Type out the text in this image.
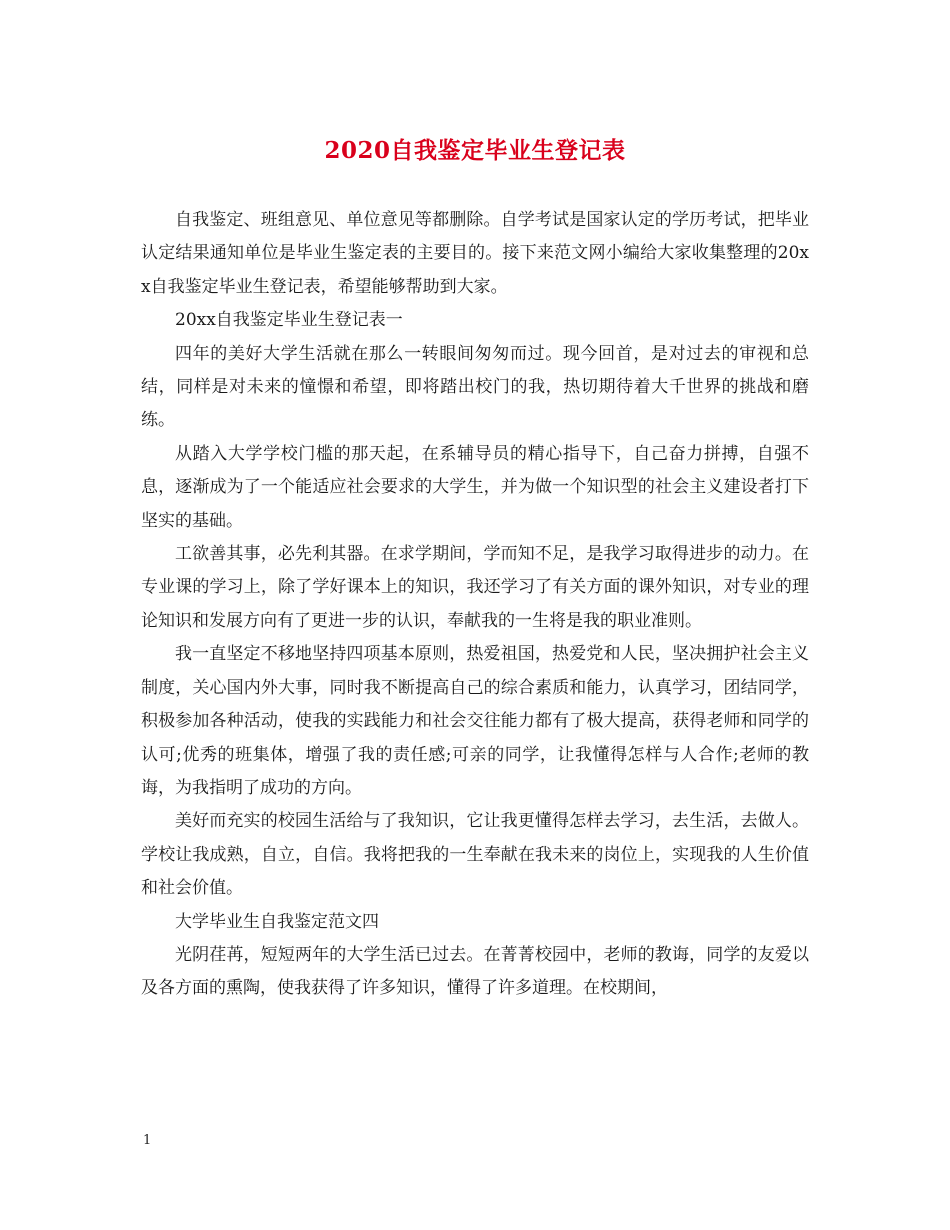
2020自我鉴定毕业生登记表

自我鉴定、班组意见、单位意见等都删除。自学考试是国家认定的学历考试，把毕业认定结果通知单位是毕业生鉴定表的主要目的。接下来范文网小编给大家收集整理的20xx自我鉴定毕业生登记表，希望能够帮助到大家。

20xx自我鉴定毕业生登记表一

四年的美好大学生活就在那么一转眼间匆匆而过。现今回首，是对过去的审视和总结，同样是对未来的憧憬和希望，即将踏出校门的我，热切期待着大千世界的挑战和磨练。

从踏入大学学校门槛的那天起，在系辅导员的精心指导下，自己奋力拼搏，自强不息，逐渐成为了一个能适应社会要求的大学生，并为做一个知识型的社会主义建设者打下坚实的基础。

工欲善其事，必先利其器。在求学期间，学而知不足，是我学习取得进步的动力。在专业课的学习上，除了学好课本上的知识，我还学习了有关方面的课外知识，对专业的理论知识和发展方向有了更进一步的认识，奉献我的一生将是我的职业准则。

我一直坚定不移地坚持四项基本原则，热爱祖国，热爱党和人民，坚决拥护社会主义制度，关心国内外大事，同时我不断提高自己的综合素质和能力，认真学习，团结同学，积极参加各种活动，使我的实践能力和社会交往能力都有了极大提高，获得老师和同学的认可;优秀的班集体，增强了我的责任感;可亲的同学，让我懂得怎样与人合作;老师的教诲，为我指明了成功的方向。

美好而充实的校园生活给与了我知识，它让我更懂得怎样去学习，去生活，去做人。学校让我成熟，自立，自信。我将把我的一生奉献在我未来的岗位上，实现我的人生价值和社会价值。

大学毕业生自我鉴定范文四

光阴荏苒，短短两年的大学生活已过去。在菁菁校园中，老师的教诲，同学的友爱以及各方面的熏陶，使我获得了许多知识，懂得了许多道理。在校期间，

1
